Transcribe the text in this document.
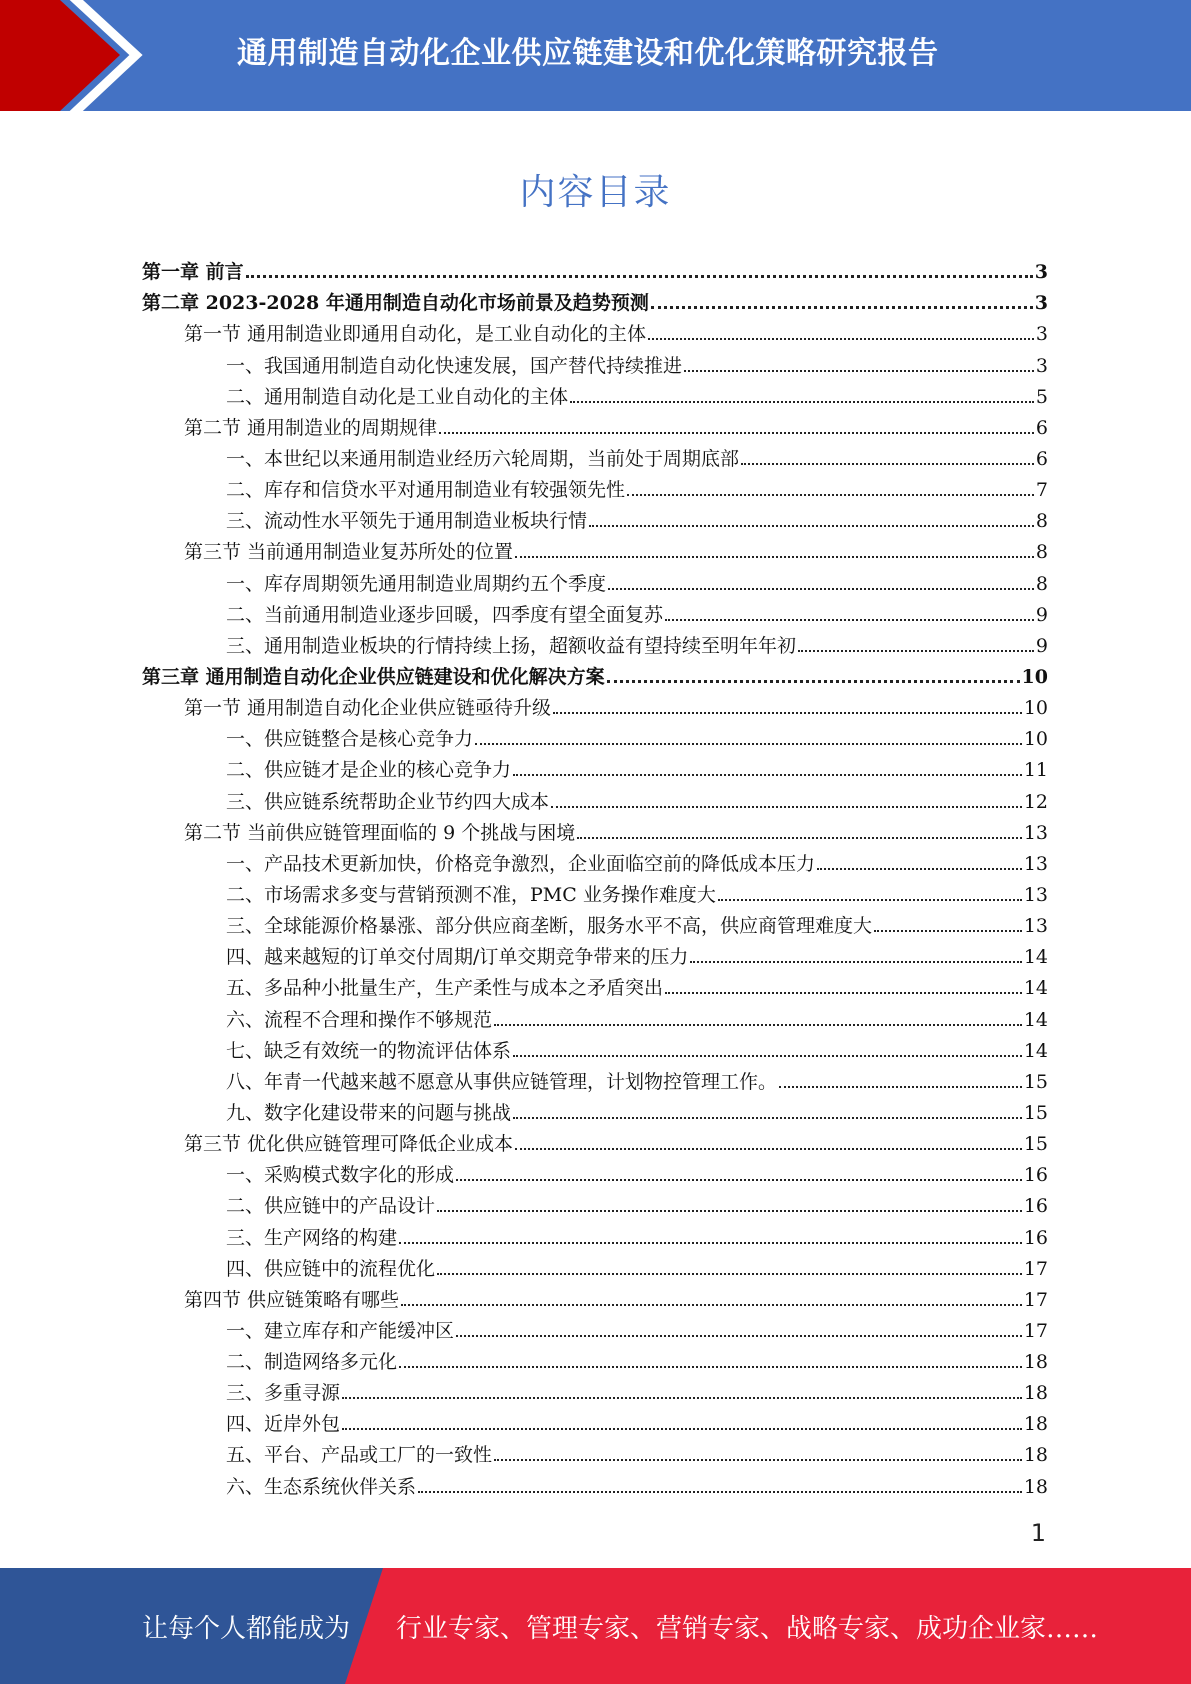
通用制造自动化企业供应链建设和优化策略研究报告
内容目录
第一章 前言	3
第二章 2023-2028 年通用制造自动化市场前景及趋势预测	3
第一节 通用制造业即通用自动化，是工业自动化的主体	3
一、我国通用制造自动化快速发展，国产替代持续推进	3
二、通用制造自动化是工业自动化的主体	5
第二节 通用制造业的周期规律	6
一、本世纪以来通用制造业经历六轮周期，当前处于周期底部	6
二、库存和信贷水平对通用制造业有较强领先性	7
三、流动性水平领先于通用制造业板块行情	8
第三节 当前通用制造业复苏所处的位置	8
一、库存周期领先通用制造业周期约五个季度	8
二、当前通用制造业逐步回暖，四季度有望全面复苏	9
三、通用制造业板块的行情持续上扬，超额收益有望持续至明年年初	9
第三章 通用制造自动化企业供应链建设和优化解决方案	10
第一节 通用制造自动化企业供应链亟待升级	10
一、供应链整合是核心竞争力	10
二、供应链才是企业的核心竞争力	11
三、供应链系统帮助企业节约四大成本	12
第二节 当前供应链管理面临的 9 个挑战与困境	13
一、产品技术更新加快，价格竞争激烈，企业面临空前的降低成本压力	13
二、市场需求多变与营销预测不准，PMC 业务操作难度大	13
三、全球能源价格暴涨、部分供应商垄断，服务水平不高，供应商管理难度大	13
四、越来越短的订单交付周期/订单交期竞争带来的压力	14
五、多品种小批量生产，生产柔性与成本之矛盾突出	14
六、流程不合理和操作不够规范	14
七、缺乏有效统一的物流评估体系	14
八、年青一代越来越不愿意从事供应链管理，计划物控管理工作。	15
九、数字化建设带来的问题与挑战	15
第三节 优化供应链管理可降低企业成本	15
一、采购模式数字化的形成	16
二、供应链中的产品设计	16
三、生产网络的构建	16
四、供应链中的流程优化	17
第四节 供应链策略有哪些	17
一、建立库存和产能缓冲区	17
二、制造网络多元化	18
三、多重寻源	18
四、近岸外包	18
五、平台、产品或工厂的一致性	18
六、生态系统伙伴关系	18
1
让每个人都能成为 行业专家、管理专家、营销专家、战略专家、成功企业家……
